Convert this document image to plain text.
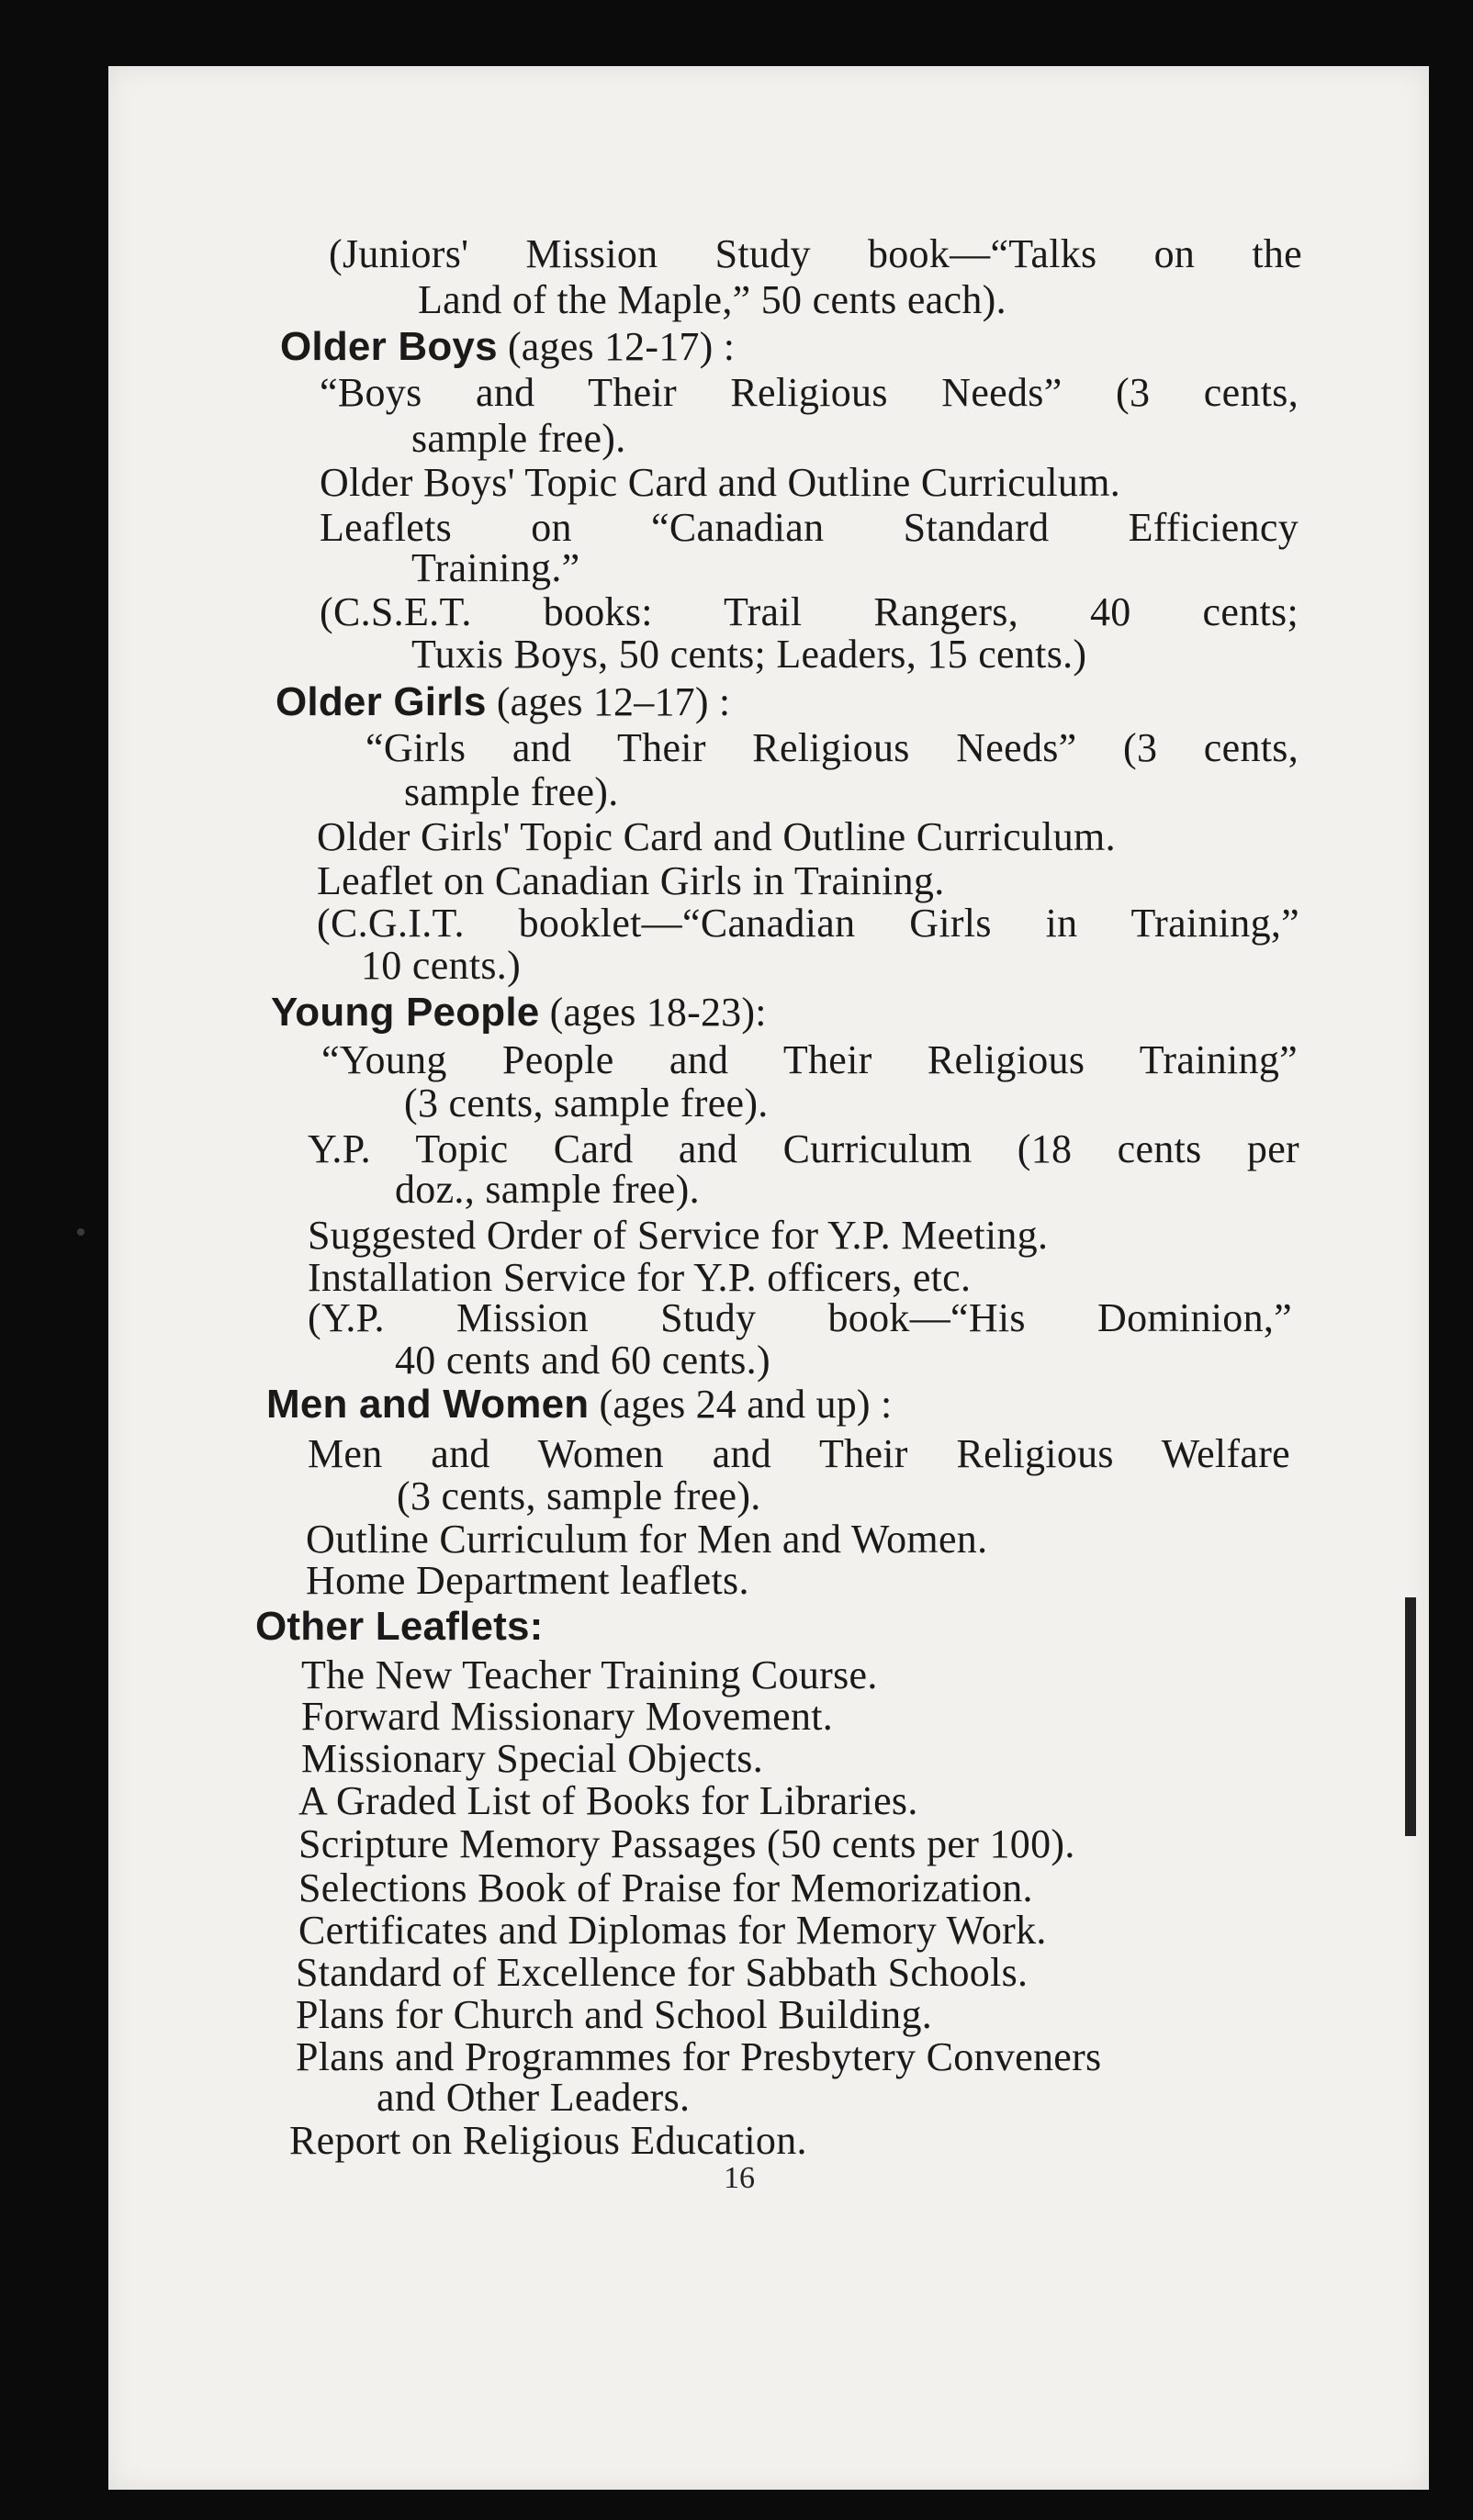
(Juniors' Mission Study book—“Talks on the
Land of the Maple,” 50 cents each).
Older Boys (ages 12-17) :
“Boys and Their Religious Needs” (3 cents,
sample free).
Older Boys' Topic Card and Outline Curriculum.
Leaflets on “Canadian Standard Efficiency
Training.”
(C.S.E.T. books: Trail Rangers, 40 cents;
Tuxis Boys, 50 cents; Leaders, 15 cents.)
Older Girls (ages 12–17) :
“Girls and Their Religious Needs” (3 cents,
sample free).
Older Girls' Topic Card and Outline Curriculum.
Leaflet on Canadian Girls in Training.
(C.G.I.T. booklet—“Canadian Girls in Training,”
10 cents.)
Young People (ages 18-23):
“Young People and Their Religious Training”
(3 cents, sample free).
Y.P. Topic Card and Curriculum (18 cents per
doz., sample free).
Suggested Order of Service for Y.P. Meeting.
Installation Service for Y.P. officers, etc.
(Y.P. Mission Study book—“His Dominion,”
40 cents and 60 cents.)
Men and Women (ages 24 and up) :
Men and Women and Their Religious Welfare
(3 cents, sample free).
Outline Curriculum for Men and Women.
Home Department leaflets.
Other Leaflets:
The New Teacher Training Course.
Forward Missionary Movement.
Missionary Special Objects.
A Graded List of Books for Libraries.
Scripture Memory Passages (50 cents per 100).
Selections Book of Praise for Memorization.
Certificates and Diplomas for Memory Work.
Standard of Excellence for Sabbath Schools.
Plans for Church and School Building.
Plans and Programmes for Presbytery Conveners
and Other Leaders.
Report on Religious Education.
16
